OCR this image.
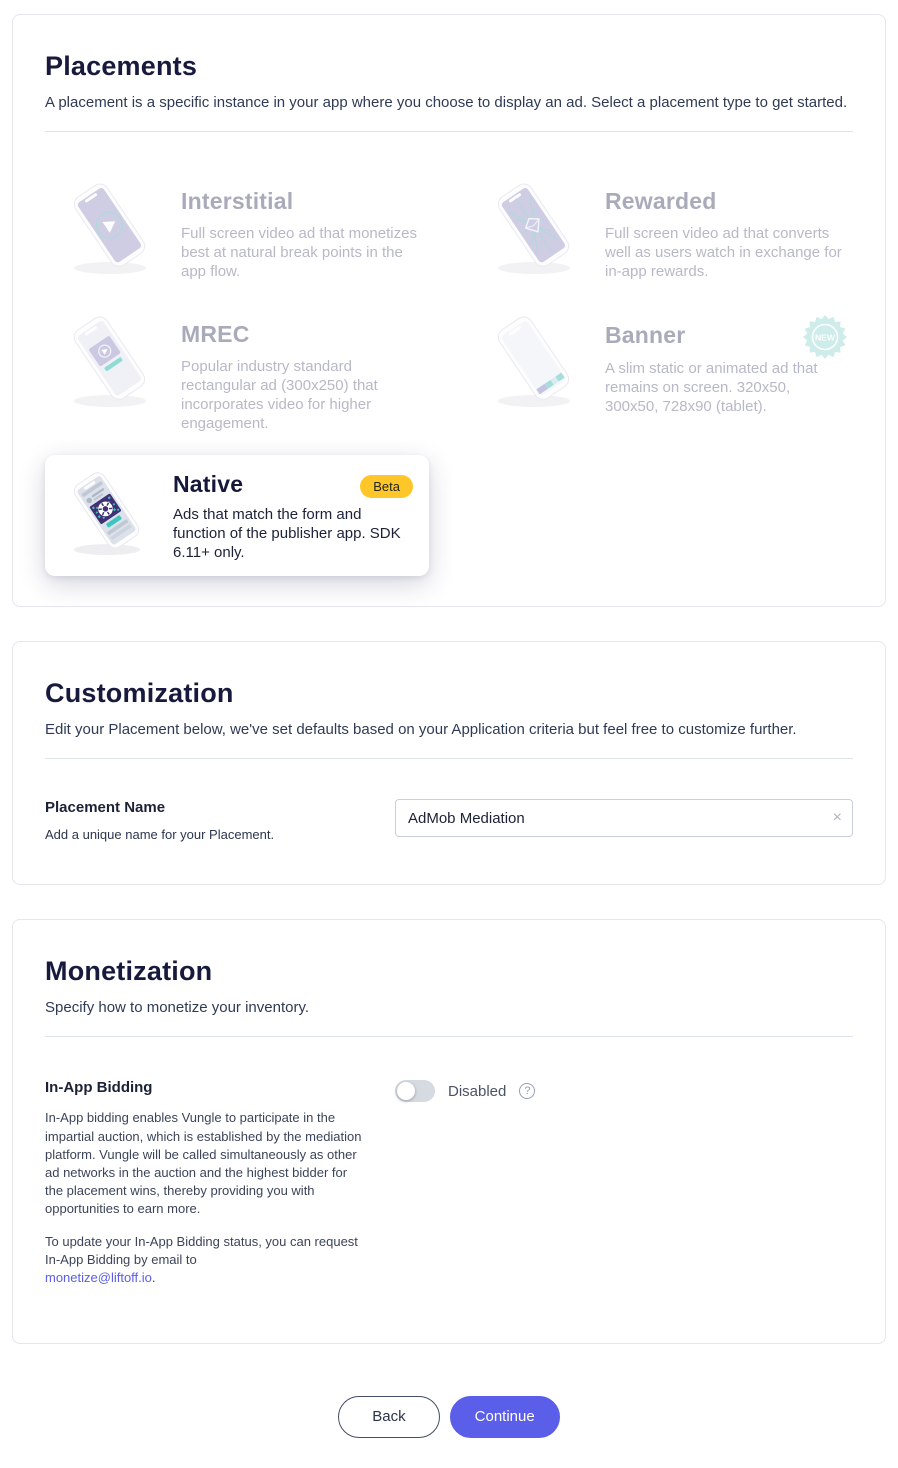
Placements

A placement is a specific instance in your app where you choose to display an ad. Select a placement type to get started.

Interstitial
Full screen video ad that monetizes best at natural break points in the app flow.
Rewarded
Full screen video ad that converts well as users watch in exchange for in-app rewards.
MREC
Popular industry standard rectangular ad (300x250) that incorporates video for higher engagement.
Banner	NEW
A slim static or animated ad that remains on screen. 320x50, 300x50, 728x90 (tablet).
Native	Beta
Ads that match the form and function of the publisher app. SDK 6.11+ only.
Customization

Edit your Placement below, we've set defaults based on your Application criteria but feel free to customize further.

Placement Name
Add a unique name for your Placement.
AdMob Mediation
×
Monetization

Specify how to monetize your inventory.

In-App Bidding

In-App bidding enables Vungle to participate in the impartial auction, which is established by the mediation platform. Vungle will be called simultaneously as other ad networks in the auction and the highest bidder for the placement wins, thereby providing you with opportunities to earn more.

To update your In-App Bidding status, you can request In-App Bidding by email to
monetize@liftoff.io.

Disabled	?
Back	Continue
